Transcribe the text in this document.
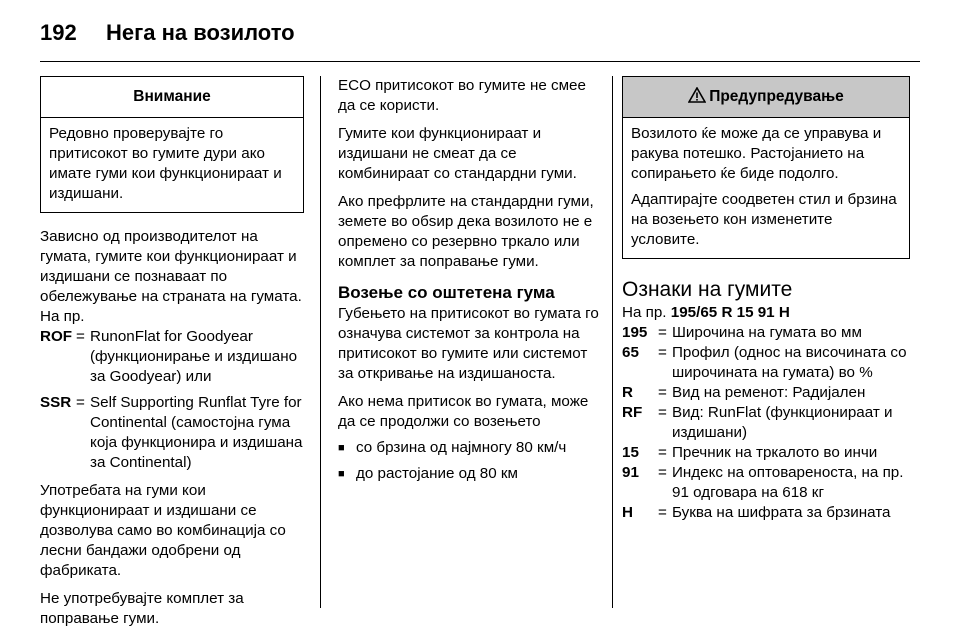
192	Нега на возилото
Внимание

Редовно проверувајте го притисокот во гумите дури ако имате гуми кои функционираат и издишани.

Зависно од производителот на гумата, гумите кои функционираат и издишани се познаваат по обележување на страната на гумата. На пр.

ROF = RunonFlat for Goodyear (функционирање и издишано за Goodyear) или
SSR = Self Supporting Runflat Tyre for Continental (самостојна гума која функционира и издишана за Continental)

Употребата на гуми кои функционираат и издишани се дозволува само во комбинација со лесни бандажи одобрени од фабриката.

Не употребувајте комплет за поправање гуми.

ECO притисокот во гумите не смее да се користи.

Гумите кои функционираат и издишани не смеат да се комбинираат со стандардни гуми.

Ако префрлите на стандардни гуми, земете во обѕир дека возилото не е опремено со резервно тркало или комплет за поправање гуми.

Возење со оштетена гума

Губењето на притисокот во гумата го означува системот за контрола на притисокот во гумите или системот за откривање на издишаноста.

Ако нема притисок во гумата, може да се продолжи со возењето

■ со брзина од најмногу 80 км/ч
■ до растојание од 80 км
Предупредување

Возилото ќе може да се управува и ракува потешко. Растојанието на сопирањето ќе биде подолго.

Адаптирајте соодветен стил и брзина на возењето кон изменетите условите.

Ознаки на гумите

На пр. 195/65 R 15 91 H

195 = Широчина на гумата во мм
65	= Профил (однос на височината со широчината на гумата) во %
R	= Вид на ременот: Радијален
RF	= Вид: RunFlat (функционираат и издишани)
15	= Пречник на тркалото во инчи
91	= Индекс на оптовареноста, на пр. 91 одговара на 618 кг
H	= Буква на шифрата за брзината
